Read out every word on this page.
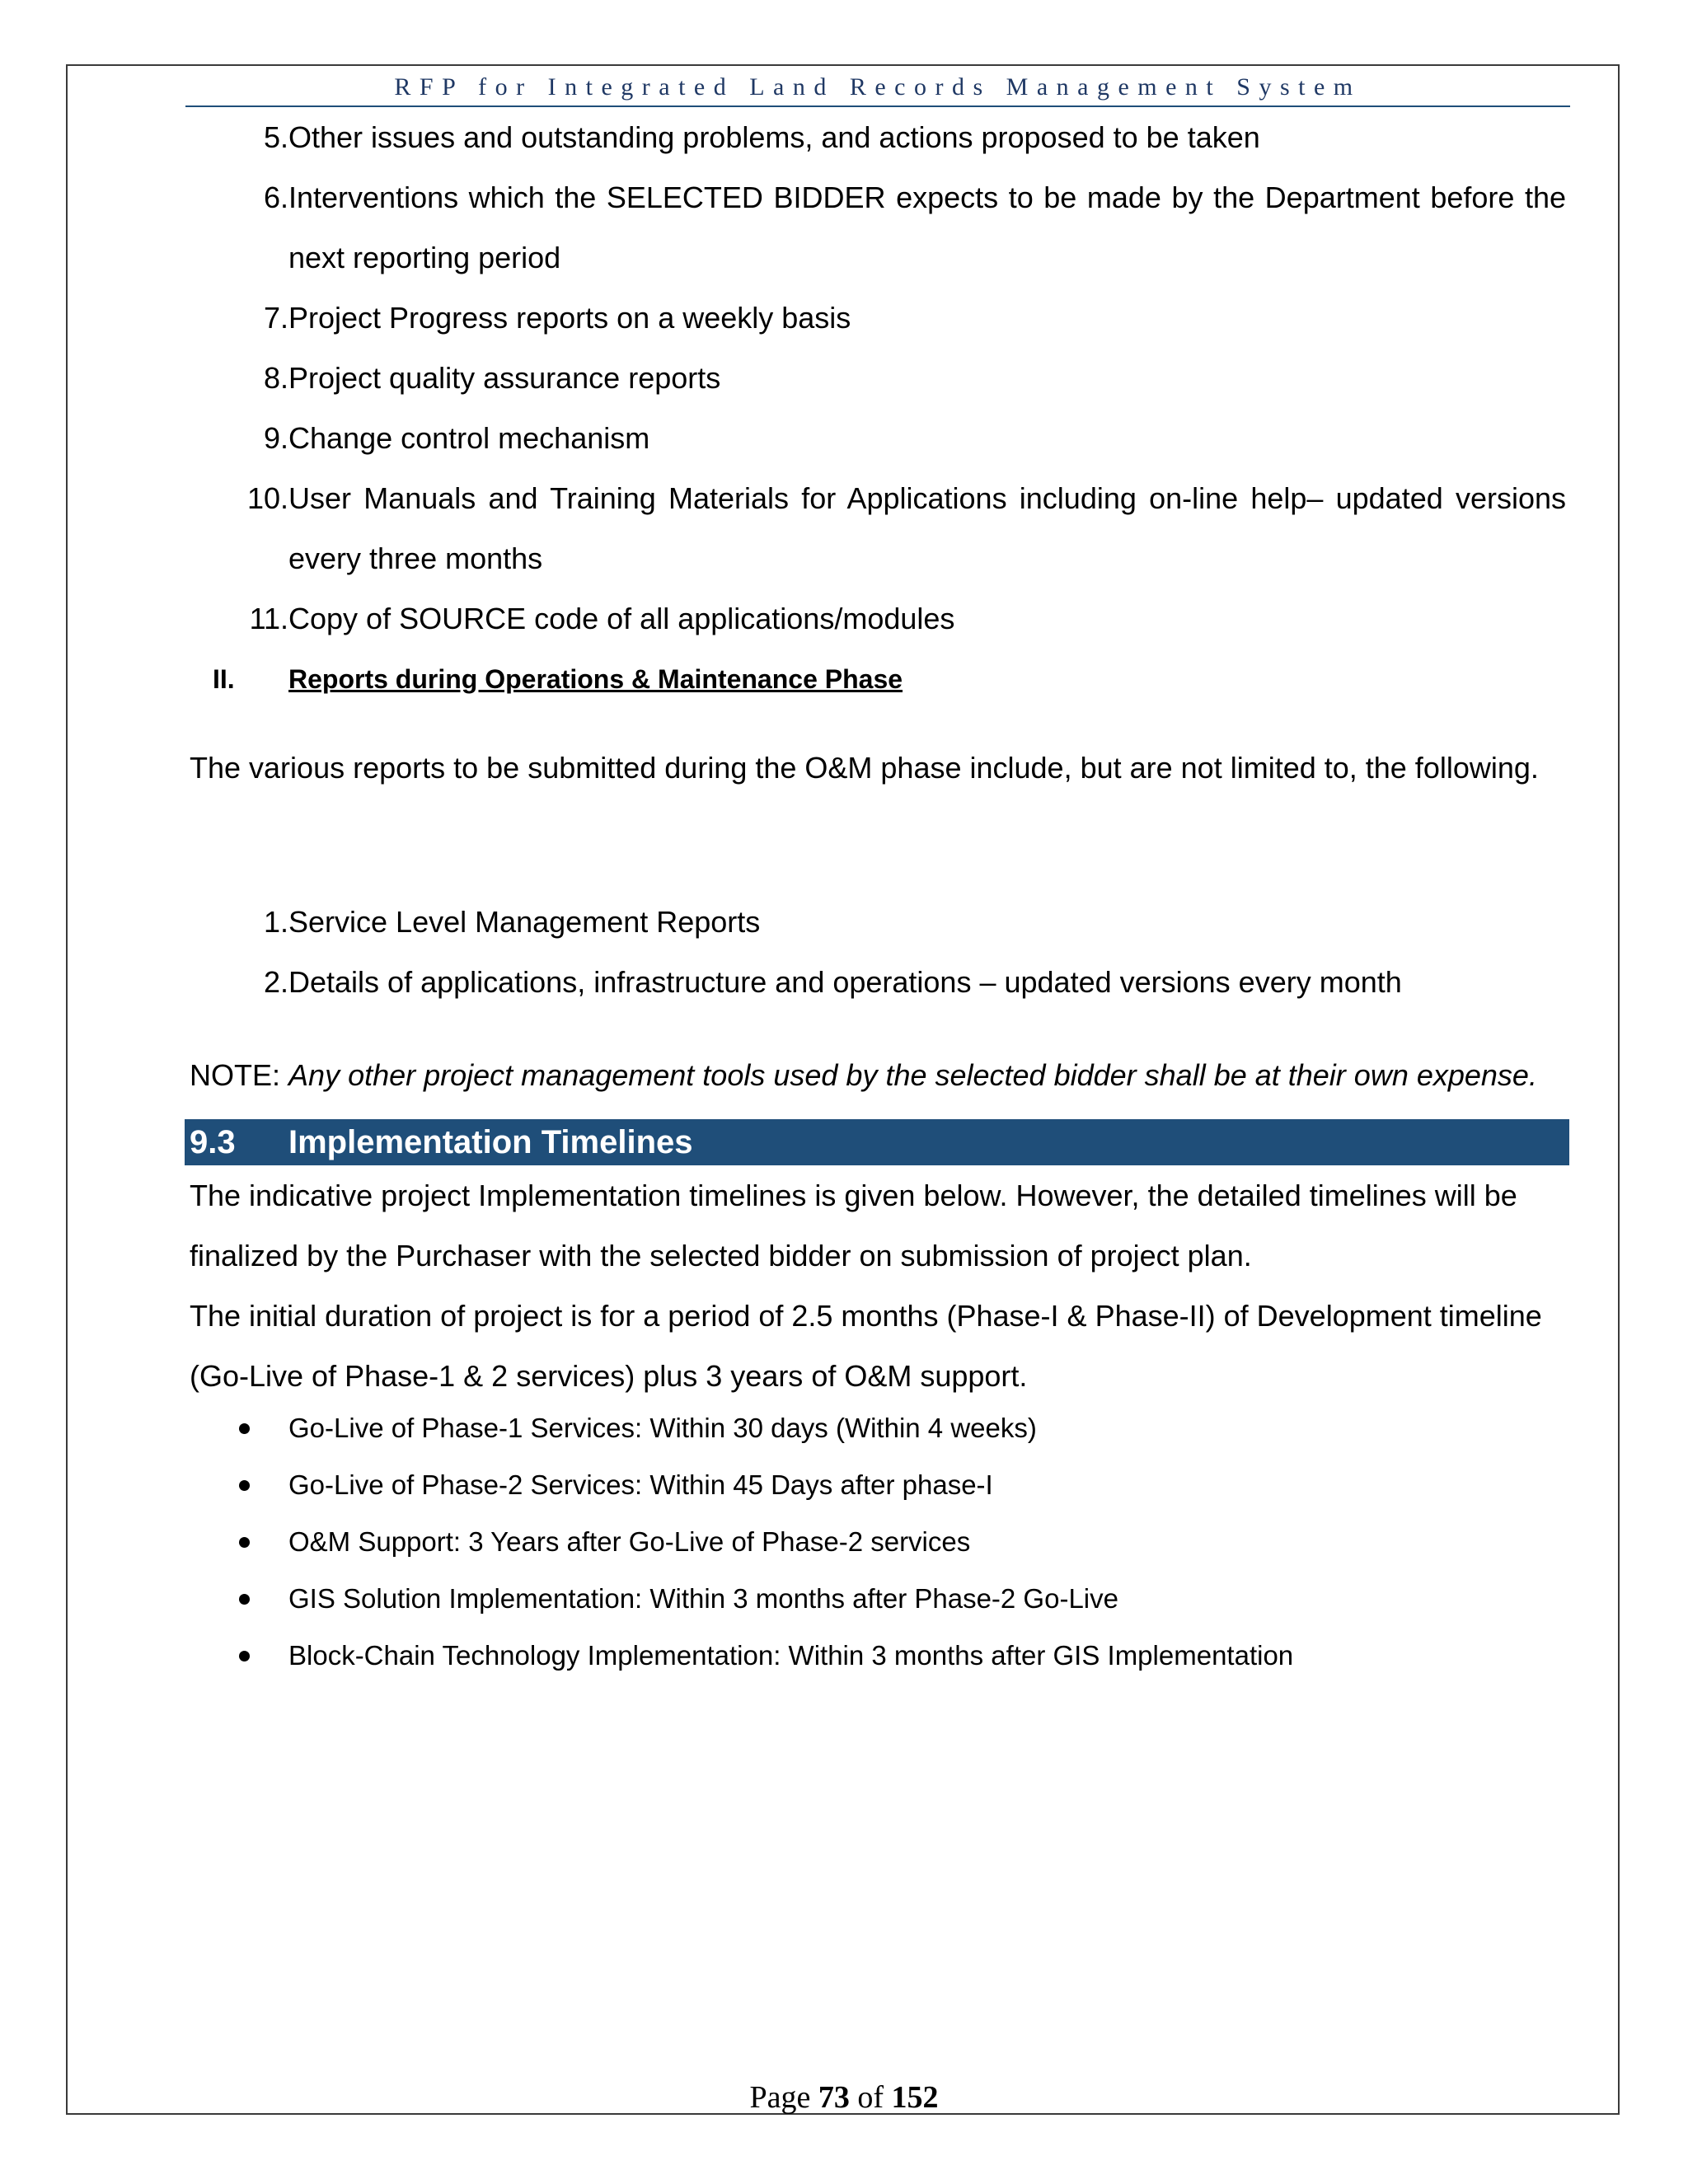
RFP for Integrated Land Records Management System
5. Other issues and outstanding problems, and actions proposed to be taken
6. Interventions which the SELECTED BIDDER expects to be made by the Department before the
next reporting period
7. Project Progress reports on a weekly basis
8. Project quality assurance reports
9. Change control mechanism
10. User Manuals and Training Materials for Applications including on-line help– updated versions
every three months
11. Copy of SOURCE code of all applications/modules
II. Reports during Operations & Maintenance Phase
The various reports to be submitted during the O&M phase include, but are not limited to, the following.
1. Service Level Management Reports
2. Details of applications, infrastructure and operations – updated versions every month
NOTE: Any other project management tools used by the selected bidder shall be at their own expense.
9.3 Implementation Timelines
The indicative project Implementation timelines is given below. However, the detailed timelines will be finalized by the Purchaser with the selected bidder on submission of project plan.
The initial duration of project is for a period of 2.5 months (Phase-I & Phase-II) of Development timeline (Go-Live of Phase-1 & 2 services) plus 3 years of O&M support.
Go-Live of Phase-1 Services: Within 30 days (Within 4 weeks)
Go-Live of Phase-2 Services: Within 45 Days after phase-I
O&M Support: 3 Years after Go-Live of Phase-2 services
GIS Solution Implementation: Within 3 months after Phase-2 Go-Live
Block-Chain Technology Implementation: Within 3 months after GIS Implementation
Page 73 of 152
